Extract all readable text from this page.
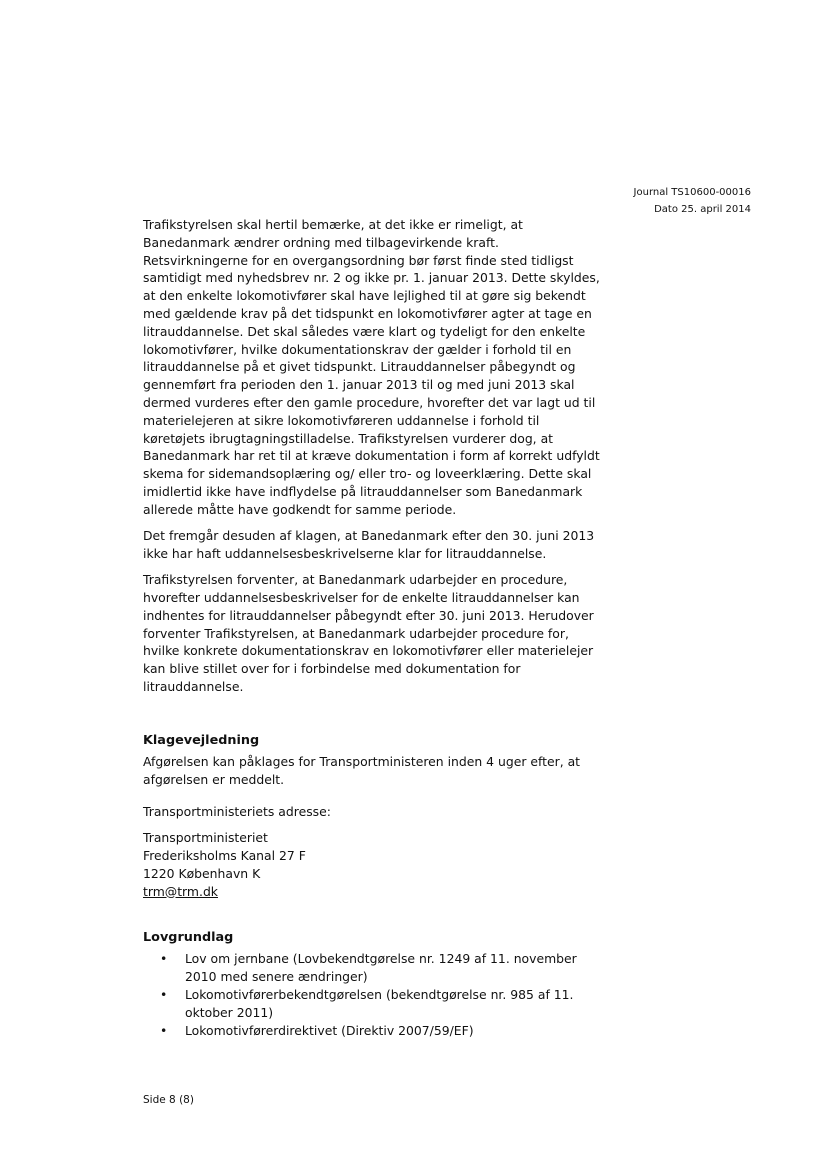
Journal TS10600-00016
Dato 25. april 2014

Trafikstyrelsen skal hertil bemærke, at det ikke er rimeligt, at Banedanmark ændrer ordning med tilbagevirkende kraft. Retsvirkningerne for en overgangsordning bør først finde sted tidligst samtidigt med nyhedsbrev nr. 2 og ikke pr. 1. januar 2013. Dette skyldes, at den enkelte lokomotivfører skal have lejlighed til at gøre sig bekendt med gældende krav på det tidspunkt en lokomotivfører agter at tage en litrauddannelse. Det skal således være klart og tydeligt for den enkelte lokomotivfører, hvilke dokumentationskrav der gælder i forhold til en litrauddannelse på et givet tidspunkt. Litrauddannelser påbegyndt og gennemført fra perioden den 1. januar 2013 til og med juni 2013 skal dermed vurderes efter den gamle procedure, hvorefter det var lagt ud til materielejeren at sikre lokomotivføreren uddannelse i forhold til køretøjets ibrugtagningstilladelse. Trafikstyrelsen vurderer dog, at Banedanmark har ret til at kræve dokumentation i form af korrekt udfyldt skema for sidemandsoplæring og/ eller tro- og loveerklæring. Dette skal imidlertid ikke have indflydelse på litrauddannelser som Banedanmark allerede måtte have godkendt for samme periode.

Det fremgår desuden af klagen, at Banedanmark efter den 30. juni 2013 ikke har haft uddannelsesbeskrivelserne klar for litrauddannelse.

Trafikstyrelsen forventer, at Banedanmark udarbejder en procedure, hvorefter uddannelsesbeskrivelser for de enkelte litrauddannelser kan indhentes for litrauddannelser påbegyndt efter 30. juni 2013. Herudover forventer Trafikstyrelsen, at Banedanmark udarbejder procedure for, hvilke konkrete dokumentationskrav en lokomotivfører eller materielejer kan blive stillet over for i forbindelse med dokumentation for litrauddannelse.

Klagevejledning

Afgørelsen kan påklages for Transportministeren inden 4 uger efter, at afgørelsen er meddelt.

Transportministeriets adresse:

Transportministeriet
Frederiksholms Kanal 27 F
1220 København K
trm@trm.dk
Lovgrundlag
• Lov om jernbane (Lovbekendtgørelse nr. 1249 af 11. november 2010 med senere ændringer)
• Lokomotivførerbekendtgørelsen (bekendtgørelse nr. 985 af 11. oktober 2011)
• Lokomotivførerdirektivet (Direktiv 2007/59/EF)
Side 8 (8)
